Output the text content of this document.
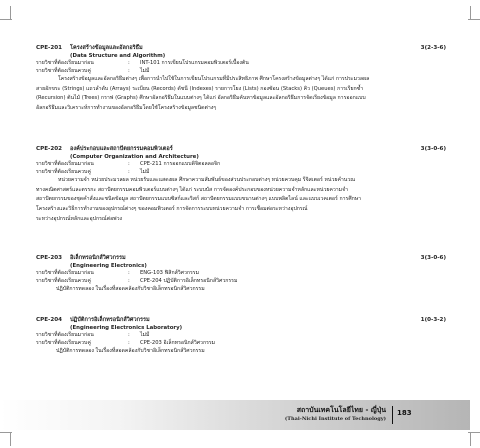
CPE-201	โครงสร้างข้อมูลและอัลกอริธึม	3(2-3-6)
(Data Structure and Algorithm)
รายวิชาที่ต้องเรียนมาก่อน	:	INT-101 การเขียนโปรแกรมคอมพิวเตอร์เบื้องต้น
รายวิชาที่ต้องเรียนควบคู่	:	ไม่มี
โครงสร้างข้อมูลและอัลกอริธึมต่างๆ เพื่อการนำไปใช้ในการเขียนโปรแกรมที่มีประสิทธิภาพ ศึกษาโครงสร้างข้อมูลต่างๆ ได้แก่ การประมวลผล
สายอักขระ (Strings) แถวลำดับ (Arrays) ระเบียน (Records) ดัชนี (Indexes) รายการโยง (Lists) กองซ้อน (Stacks) คิว (Queues) การเรียกซ้ำ
(Recursion) ต้นไม้ (Trees) กราฟ (Graphs) ศึกษาอัลกอริธึมในแบบต่างๆ ได้แก่ อัลกอริธึมค้นหาข้อมูลและอัลกอริธึมการจัดเรียงข้อมูล การออกแบบ
อัลกอริธึมและวิเคราะห์การทำงานของอัลกอริธึมโดยใช้โครงสร้างข้อมูลชนิดต่างๆ
CPE-202	องค์ประกอบและสถาปัตยกรรมคอมพิวเตอร์	3(3-0-6)
(Computer Organization and Architecture)
รายวิชาที่ต้องเรียนมาก่อน	:	CPE-211 การออกแบบดิจิตอลลอจิก
รายวิชาที่ต้องเรียนควบคู่	:	ไม่มี
หน่วยความจำ หน่วยประมวลผล หน่วยรับและแสดงผล ศึกษาความสัมพันธ์ของส่วนประกอบต่างๆ หน่วยควบคุม รีจิสเตอร์ หน่วยคำนวณ
ทางคณิตศาสตร์และตรรกะ สถาปัตยกรรมคอมพิวเตอร์แบบต่างๆ ได้แก่ ระบบบัส การจัดองค์ประกอบของหน่วยความจำหลักและหน่วยความจำ
สถาปัตยกรรมของชุดคำสั่งและชนิดข้อมูล สถาปัตยกรรมแบบซิสก์และริสก์ สถาปัตยกรรมแบบขนานต่างๆ แบบพลิตไลน์ และแบบเวคเตอร์ การศึกษา
โครงสร้างและวิธีการทำงานของอุปกรณ์ต่างๆ ของคอมพิวเตอร์ การจัดการระบบหน่วยความจำ การเชื่อมต่อระหว่างอุปกรณ์
ระหว่างอุปกรณ์หลักและอุปกรณ์ต่อพ่วง
CPE-203	อิเล็กทรอนิกส์วิศวกรรม	3(3-0-6)
(Engineering Electronics)
รายวิชาที่ต้องเรียนมาก่อน	:	ENG-103 ฟิสิกส์วิศวกรรม
รายวิชาที่ต้องเรียนควบคู่	:	CPE-204 ปฏิบัติการอิเล็กทรอนิกส์วิศวกรรม
ปฏิบัติการทดลอง ในเรื่องที่สอดคล้องกับวิชาอิเล็กทรอนิกส์วิศวกรรม
CPE-204	ปฏิบัติการอิเล็กทรอนิกส์วิศวกรรม	1(0-3-2)
(Engineering Electronics Laboratory)
รายวิชาที่ต้องเรียนมาก่อน	:	ไม่มี
รายวิชาที่ต้องเรียนควบคู่	:	CPE-203 อิเล็กทรอนิกส์วิศวกรรม
ปฏิบัติการทดลอง ในเรื่องที่สอดคล้องกับวิชาอิเล็กทรอนิกส์วิศวกรรม
สถาบันเทคโนโลยีไทย - ญี่ปุ่น
(Thai-Nichi Institute of Technology)
183
